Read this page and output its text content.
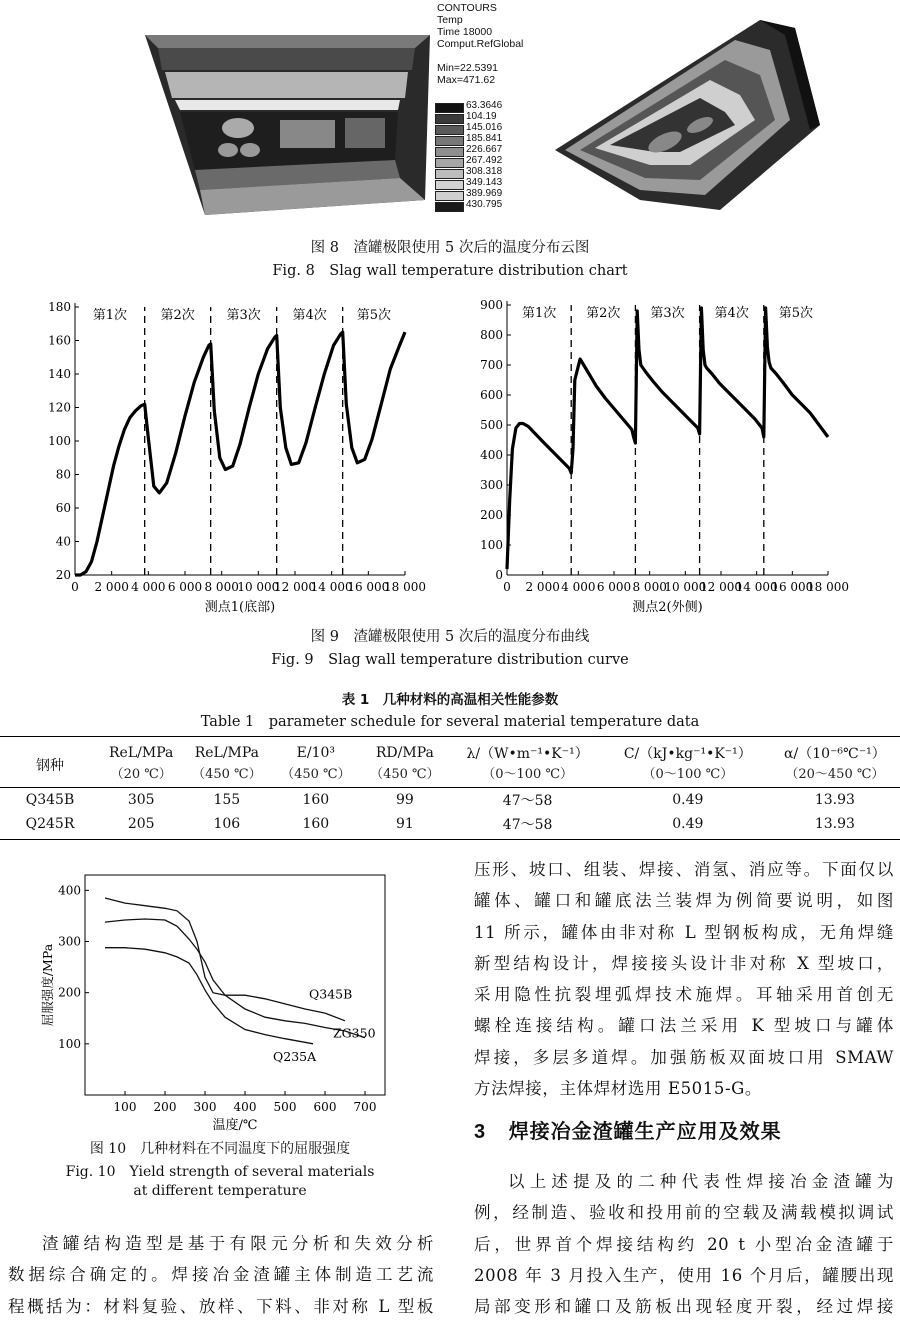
CONTOURS
Temp
Time 18000
Comput.RefGlobal
Min=22.5391
Max=471.62
63.3646
104.19
145.016
185.841
226.667
267.492
308.318
349.143
389.969
430.795
图 8　渣罐极限使用 5 次后的温度分布云图
Fig. 8　Slag wall temperature distribution chart
0 2 000 4 000 6 000 8 000
10 000
12 000
14 000
16 000
18 000
20
40
60
80
100
120
140
160
180
第1次	第2次 第3次 第4次 第5次
测点1(底部)
0 2 000 4 000 6 000 8 000
10 000
12 000
14 000
16 000
18 000
0
100
200
300
400
500
600
700
800
900
第1次 第2次 第3次 第4次 第5次
测点2(外侧)
图 9　渣罐极限使用 5 次后的温度分布曲线
Fig. 9　Slag wall temperature distribution curve
表 1　几种材料的高温相关性能参数
Table 1　parameter schedule for several material temperature data
钢种	ReL/MPa	ReL/MPa	E/10³	RD/MPa	λ/（W•m⁻¹•K⁻¹）	C/（kJ•kg⁻¹•K⁻¹）	α/（10⁻⁶℃⁻¹）
	（20 ℃）	（450 ℃）	（450 ℃）	（450 ℃）	（0～100 ℃）	（0～100 ℃）	（20～450 ℃）
Q345B	305	155	160	99	47～58	0.49	13.93
Q245R	205	106	160	91	47～58	0.49	13.93
100 200 300 400 500 600 700
100
200
300
400
Q345B
ZG350
Q235A
温度/℃
屈服强度/MPa
图 10　几种材料在不同温度下的屈服强度
Fig. 10　Yield strength of several materials
at different temperature

渣罐结构造型是基于有限元分析和失效分析

数据综合确定的。焊接冶金渣罐主体制造工艺流

程概括为：材料复验、放样、下料、非对称 L 型板

压形、坡口、组装、焊接、消氢、消应等。下面仅以

罐体、罐口和罐底法兰装焊为例简要说明，如图

11 所示，罐体由非对称 L 型钢板构成，无角焊缝

新型结构设计，焊接接头设计非对称 X 型坡口，

采用隐性抗裂埋弧焊技术施焊。耳轴采用首创无

螺栓连接结构。罐口法兰采用 K 型坡口与罐体

焊接，多层多道焊。加强筋板双面坡口用 SMAW

方法焊接，主体焊材选用 E5015-G。

3 焊接冶金渣罐生产应用及效果

以上述提及的二种代表性焊接冶金渣罐为

例，经制造、验收和投用前的空载及满载模拟调试

后，世界首个焊接结构约 20 t 小型冶金渣罐于

2008 年 3 月投入生产，使用 16 个月后，罐腰出现

局部变形和罐口及筋板出现轻度开裂，经过焊接
